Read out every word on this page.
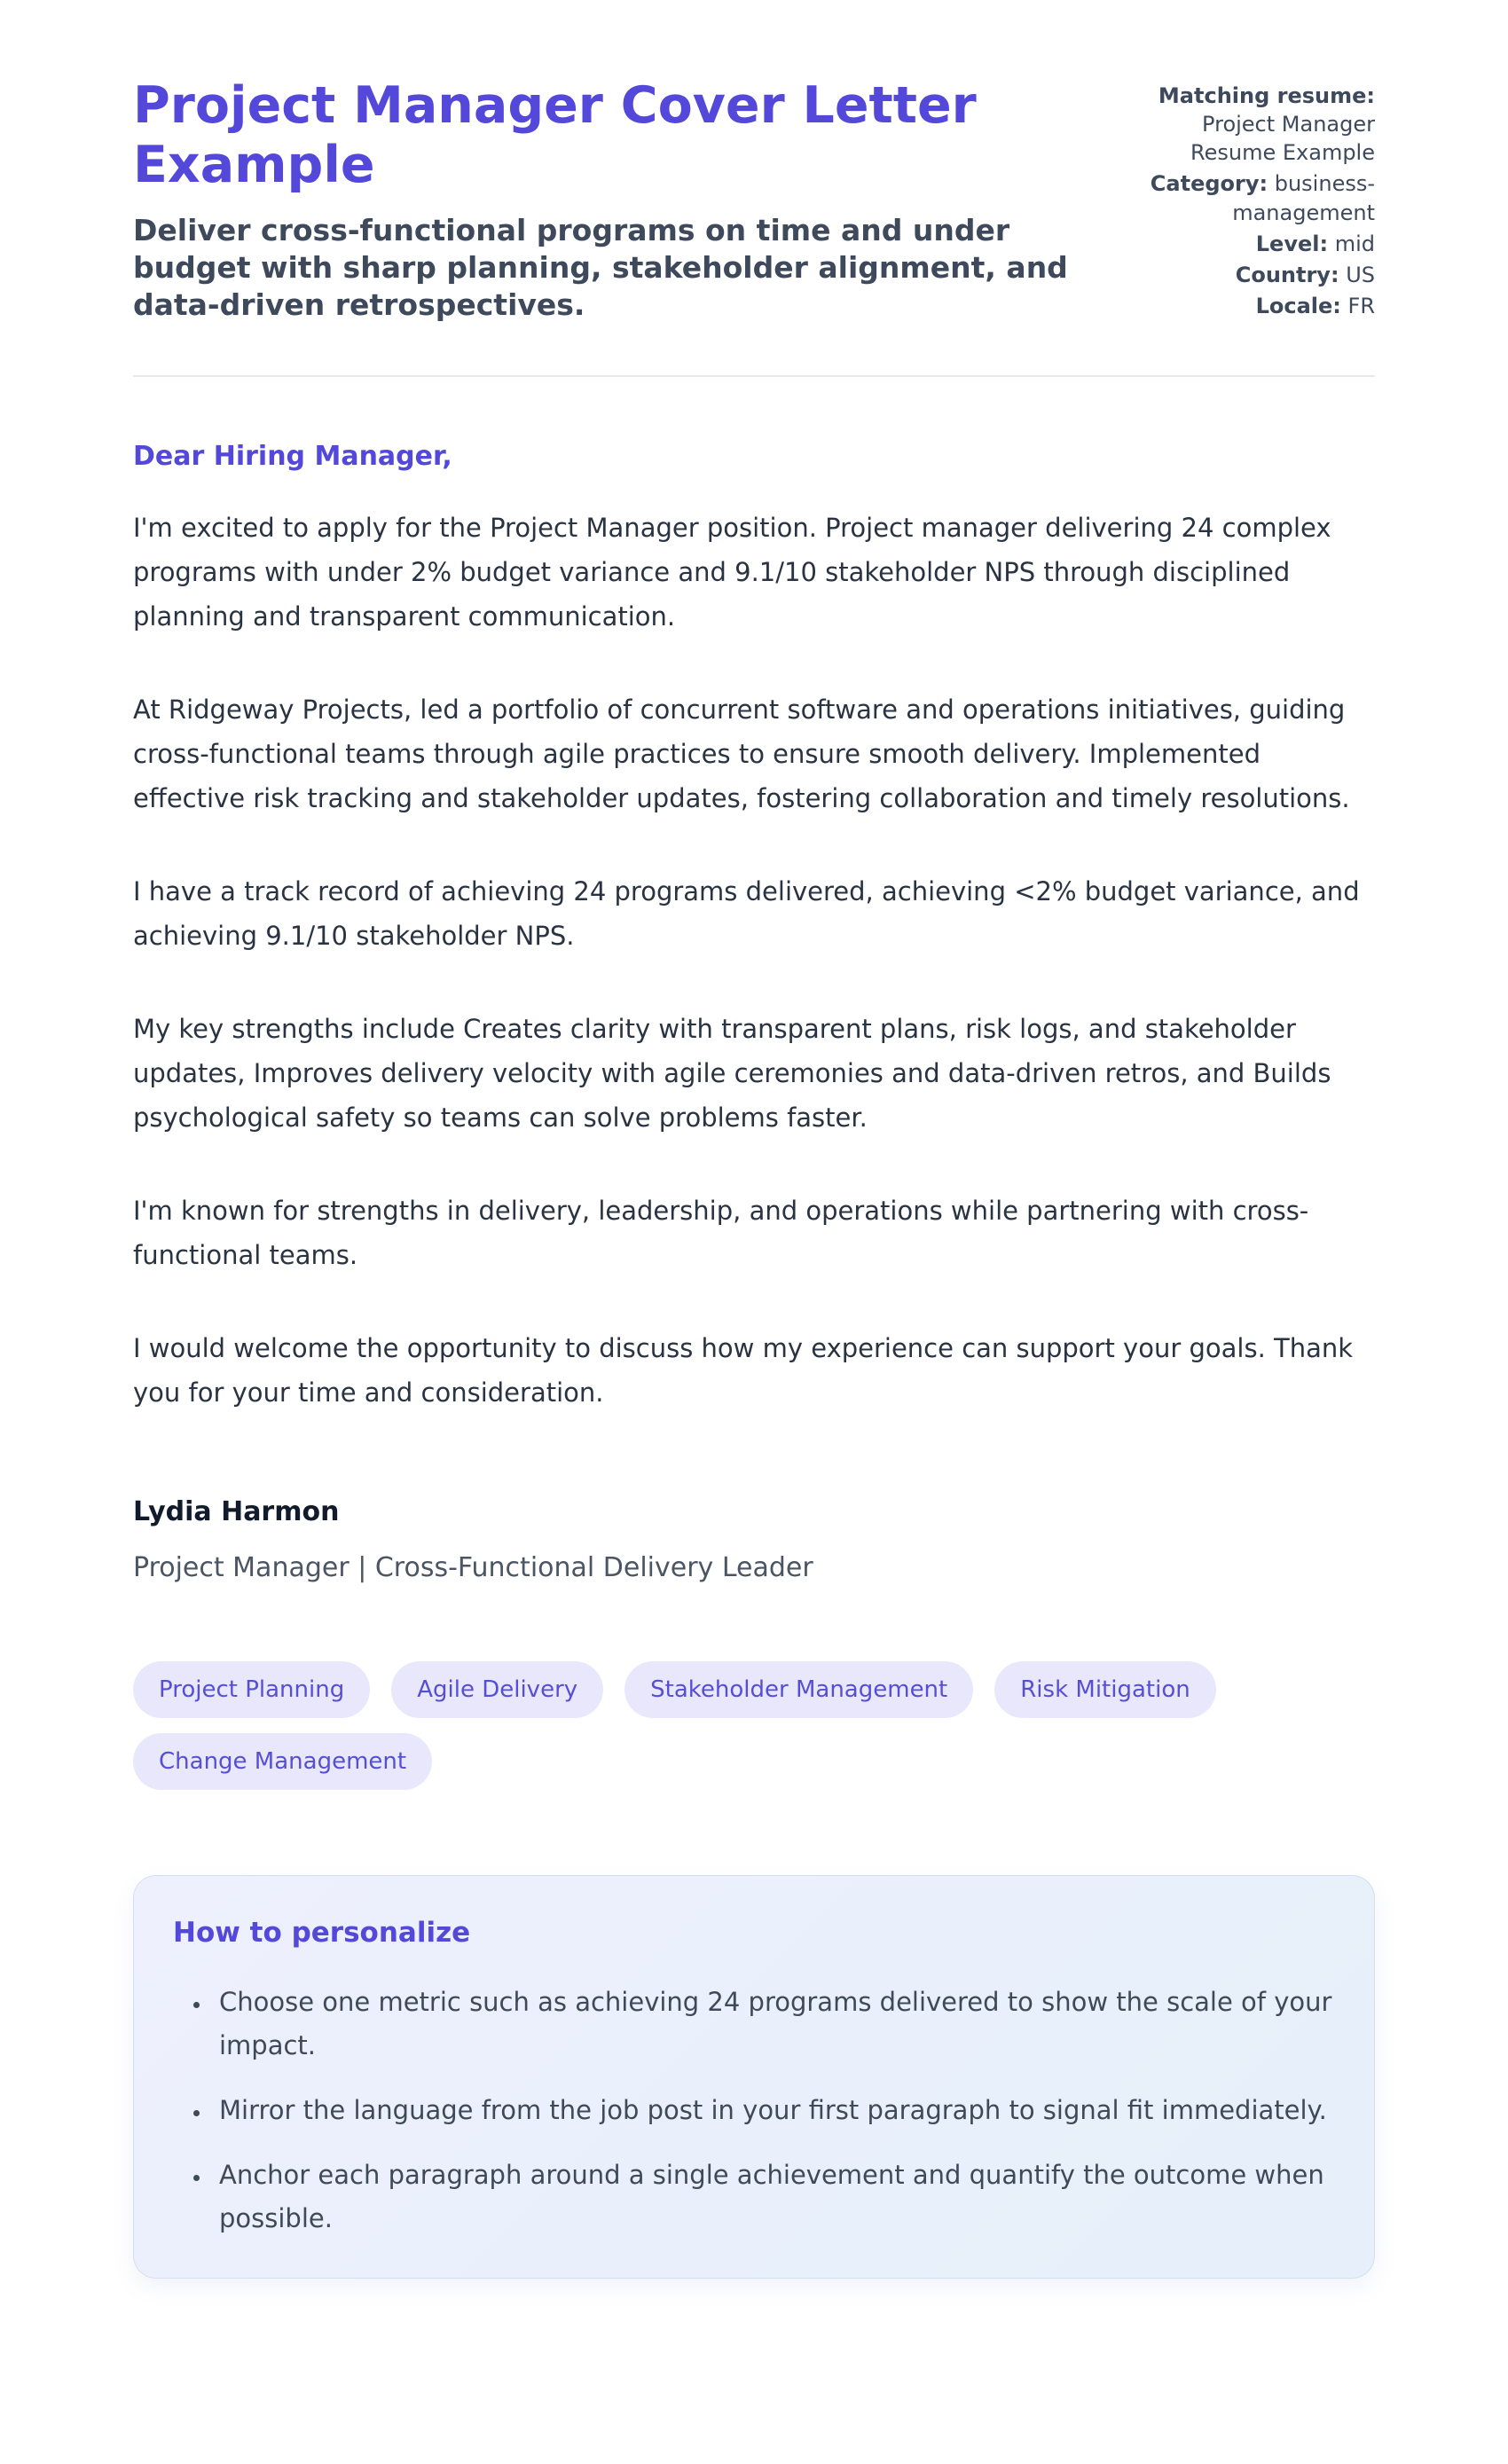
Project Manager Cover Letter Example

Deliver cross-functional programs on time and under budget with sharp planning, stakeholder alignment, and data-driven retrospectives.

Matching resume: Project Manager Resume Example
Category: business-management
Level: mid
Country: US
Locale: FR

Dear Hiring Manager,

I'm excited to apply for the Project Manager position. Project manager delivering 24 complex programs with under 2% budget variance and 9.1/10 stakeholder NPS through disciplined planning and transparent communication.

At Ridgeway Projects, led a portfolio of concurrent software and operations initiatives, guiding cross-functional teams through agile practices to ensure smooth delivery. Implemented effective risk tracking and stakeholder updates, fostering collaboration and timely resolutions.

I have a track record of achieving 24 programs delivered, achieving <2% budget variance, and achieving 9.1/10 stakeholder NPS.

My key strengths include Creates clarity with transparent plans, risk logs, and stakeholder updates, Improves delivery velocity with agile ceremonies and data-driven retros, and Builds psychological safety so teams can solve problems faster.

I'm known for strengths in delivery, leadership, and operations while partnering with cross-functional teams.

I would welcome the opportunity to discuss how my experience can support your goals. Thank you for your time and consideration.

Lydia Harmon

Project Manager | Cross-Functional Delivery Leader

Project Planning	Agile Delivery	Stakeholder Management	Risk Mitigation
Change Management
How to personalize
• Choose one metric such as achieving 24 programs delivered to show the scale of your impact.
• Mirror the language from the job post in your first paragraph to signal fit immediately.
• Anchor each paragraph around a single achievement and quantify the outcome when possible.
